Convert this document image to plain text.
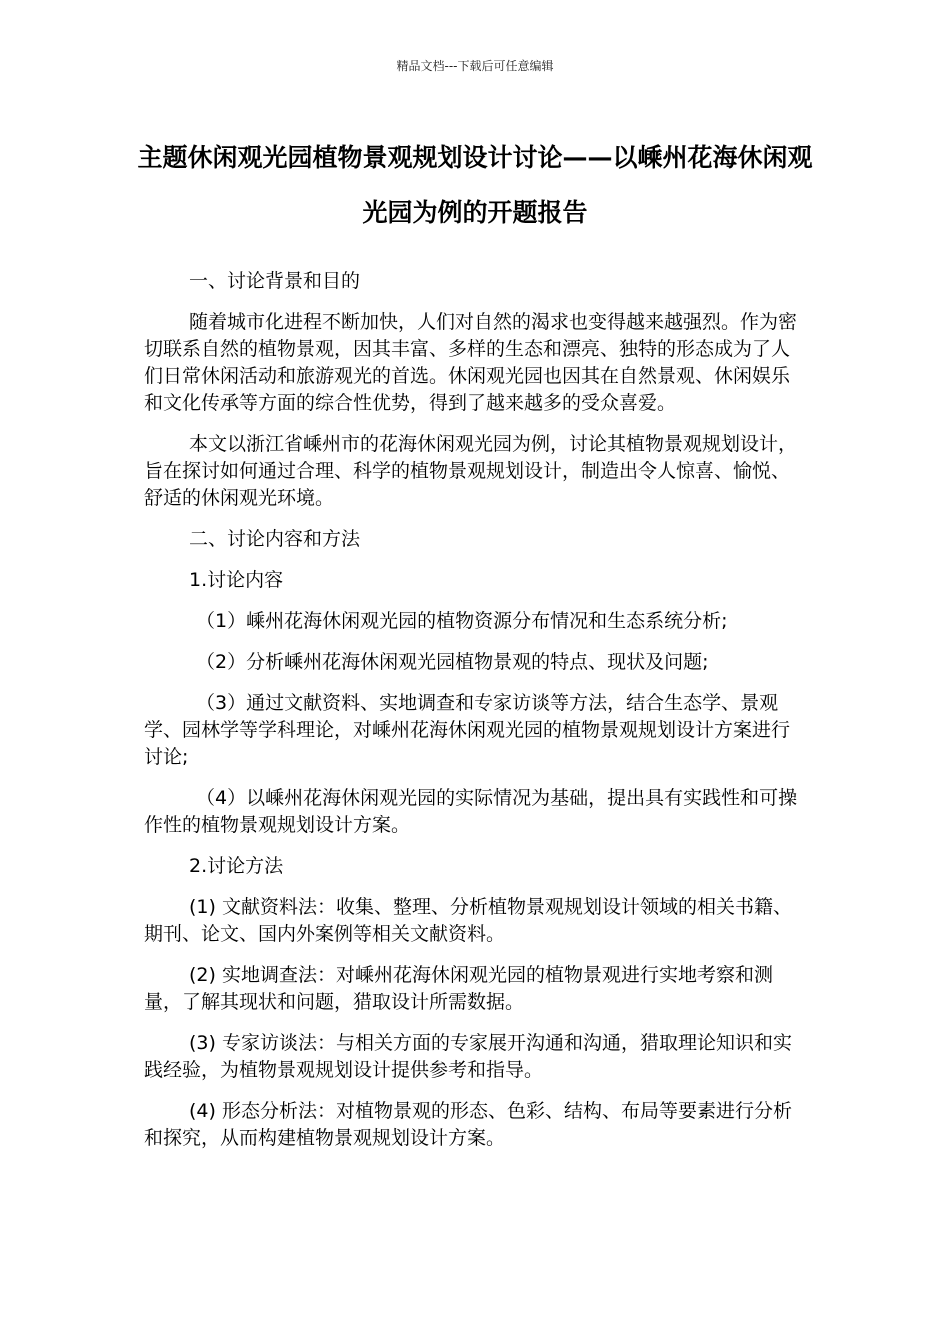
精品文档---下载后可任意编辑
主题休闲观光园植物景观规划设计讨论——以嵊州花海休闲观光园为例的开题报告

一、讨论背景和目的

随着城市化进程不断加快，人们对自然的渴求也变得越来越强烈。作为密切联系自然的植物景观，因其丰富、多样的生态和漂亮、独特的形态成为了人们日常休闲活动和旅游观光的首选。休闲观光园也因其在自然景观、休闲娱乐和文化传承等方面的综合性优势，得到了越来越多的受众喜爱。

本文以浙江省嵊州市的花海休闲观光园为例，讨论其植物景观规划设计，旨在探讨如何通过合理、科学的植物景观规划设计，制造出令人惊喜、愉悦、舒适的休闲观光环境。

二、讨论内容和方法

1.讨论内容

（1）嵊州花海休闲观光园的植物资源分布情况和生态系统分析;

（2）分析嵊州花海休闲观光园植物景观的特点、现状及问题;

（3）通过文献资料、实地调查和专家访谈等方法，结合生态学、景观学、园林学等学科理论，对嵊州花海休闲观光园的植物景观规划设计方案进行讨论;

（4）以嵊州花海休闲观光园的实际情况为基础，提出具有实践性和可操作性的植物景观规划设计方案。

2.讨论方法

(1) 文献资料法：收集、整理、分析植物景观规划设计领域的相关书籍、期刊、论文、国内外案例等相关文献资料。

(2) 实地调查法：对嵊州花海休闲观光园的植物景观进行实地考察和测量，了解其现状和问题，猎取设计所需数据。

(3) 专家访谈法：与相关方面的专家展开沟通和沟通，猎取理论知识和实践经验，为植物景观规划设计提供参考和指导。

(4) 形态分析法：对植物景观的形态、色彩、结构、布局等要素进行分析和探究，从而构建植物景观规划设计方案。
